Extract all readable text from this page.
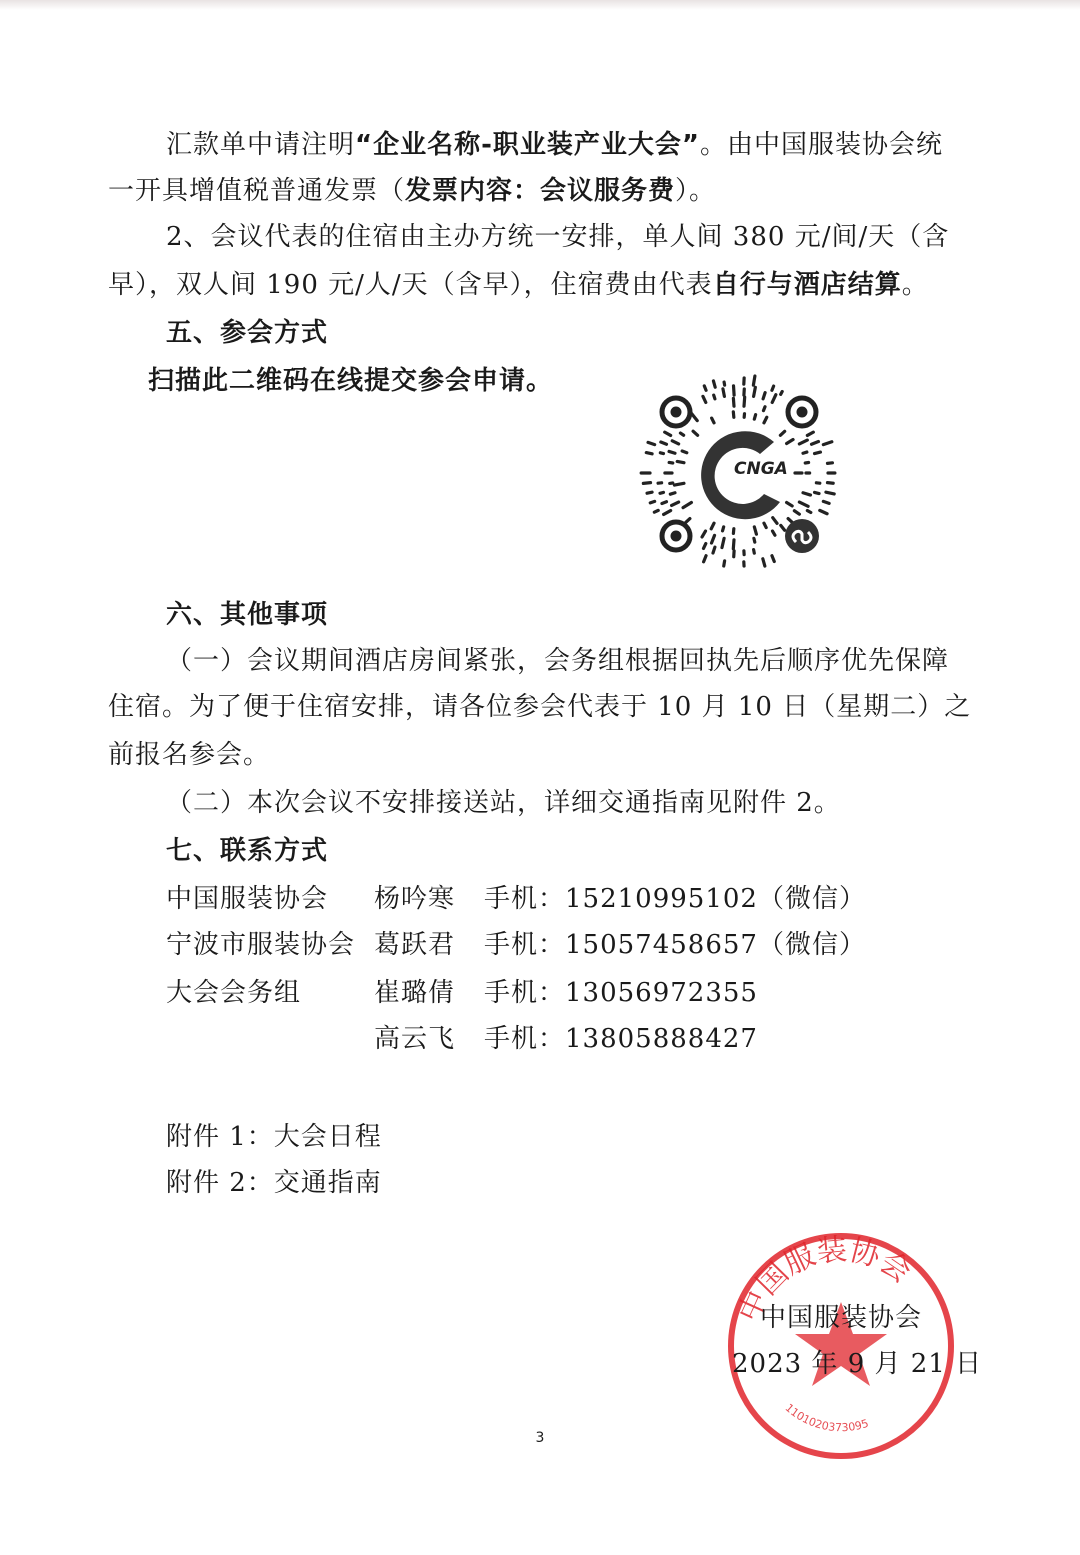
汇款单中请注明“企业名称-职业装产业大会”。由中国服装协会统
一开具增值税普通发票（发票内容：会议服务费）。
2、会议代表的住宿由主办方统一安排，单人间 380 元/间/天（含
早），双人间 190 元/人/天（含早），住宿费由代表自行与酒店结算。
五、参会方式
扫描此二维码在线提交参会申请。
CNGA
六、其他事项
（一）会议期间酒店房间紧张，会务组根据回执先后顺序优先保障
住宿。为了便于住宿安排，请各位参会代表于 10 月 10 日（星期二）之
前报名参会。
（二）本次会议不安排接送站，详细交通指南见附件 2。
七、联系方式
中国服装协会 杨吟寒 手机：15210995102（微信）
宁波市服装协会 葛跃君 手机：15057458657（微信）
大会会务组	崔璐倩 手机：13056972355
高云飞 手机：13805888427
附件 1：大会日程
附件 2：交通指南
中国服装协会
1101020373095
中国服装协会
2023 年 9 月 21 日
3
